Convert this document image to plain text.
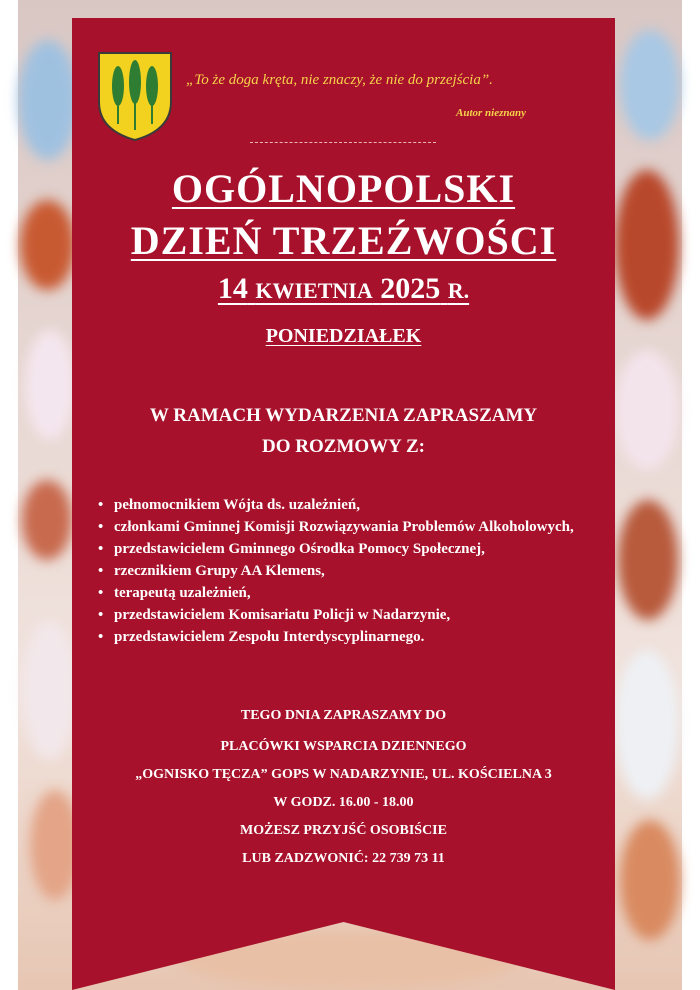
„To że doga kręta, nie znaczy, że nie do przejścia”.
Autor nieznany
OGÓLNOPOLSKI
DZIEŃ TRZEŹWOŚCI
14 KWIETNIA 2025 R.
PONIEDZIAŁEK
W RAMACH WYDARZENIA ZAPRASZAMY
DO ROZMOWY Z:
• pełnomocnikiem Wójta ds. uzależnień,
• członkami Gminnej Komisji Rozwiązywania Problemów Alkoholowych,
• przedstawicielem Gminnego Ośrodka Pomocy Społecznej,
• rzecznikiem Grupy AA Klemens,
• terapeutą uzależnień,
• przedstawicielem Komisariatu Policji w Nadarzynie,
• przedstawicielem Zespołu Interdyscyplinarnego.
TEGO DNIA ZAPRASZAMY DO
PLACÓWKI WSPARCIA DZIENNEGO
„OGNISKO TĘCZA” GOPS W NADARZYNIE, UL. KOŚCIELNA 3
W GODZ. 16.00 - 18.00
MOŻESZ PRZYJŚĆ OSOBIŚCIE
LUB ZADZWONIĆ: 22 739 73 11
